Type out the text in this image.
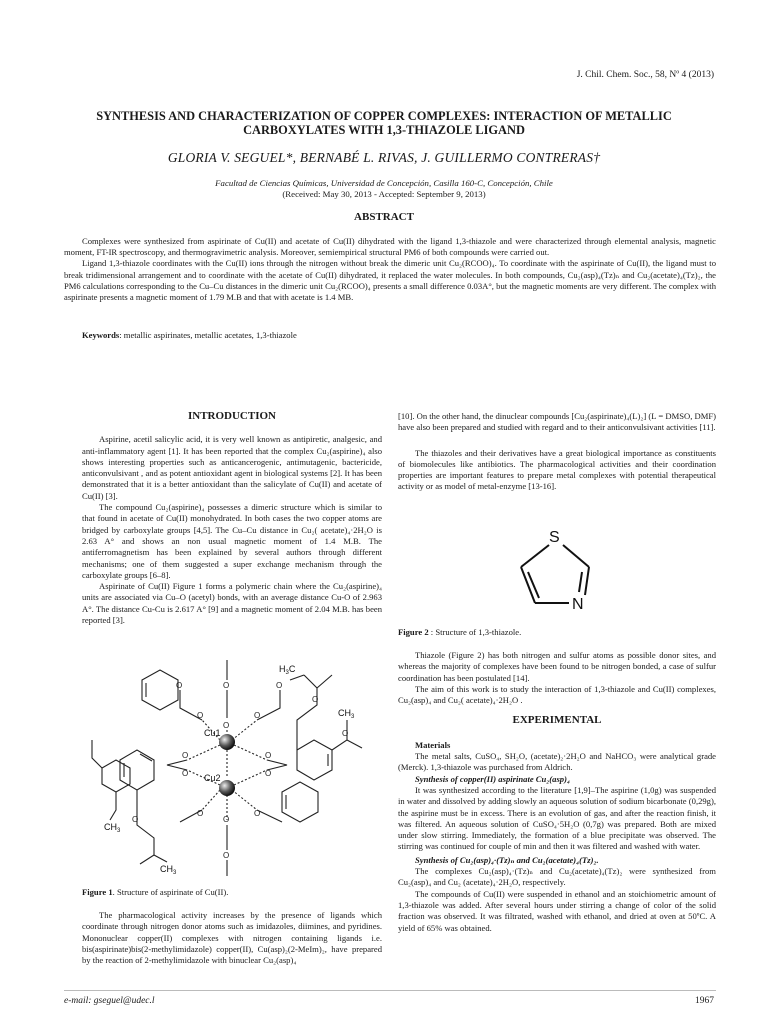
J. Chil. Chem. Soc., 58, Nº 4 (2013)
SYNTHESIS AND CHARACTERIZATION OF COPPER COMPLEXES: INTERACTION OF METALLIC
CARBOXYLATES WITH 1,3-THIAZOLE LIGAND
GLORIA V. SEGUEL*, BERNABÉ L. RIVAS, J. GUILLERMO CONTRERAS†
Facultad de Ciencias Químicas, Universidad de Concepción, Casilla 160-C, Concepción, Chile
(Received: May 30, 2013 - Accepted: September 9, 2013)
ABSTRACT

Complexes were synthesized from aspirinate of Cu(II) and acetate of Cu(II) dihydrated with the ligand 1,3-thiazole and were characterized through elemental analysis, magnetic moment, FT-IR spectroscopy, and thermogravimetric analysis. Moreover, semiempirical structural PM6 of both compounds were carried out.

Ligand 1,3-thiazole coordinates with the Cu(II) ions through the nitrogen without break the dimeric unit Cu₂(RCOO)₄. To coordinate with the aspirinate of Cu(II), the ligand must to break tridimensional arrangement and to coordinate with the acetate of Cu(II) dihydrated, it replaced the water molecules. In both compounds, Cu₂(asp)₄(Tz)ₙ and Cu₂(acetate)₄(Tz)₂, the PM6 calculations corresponding to the Cu–Cu distances in the dimeric unit Cu₂(RCOO)₄ presents a small difference 0.03A°, but the magnetic moments are very different. The complex with aspirinate presents a magnetic moment of 1.79 M.B and that with acetate is 1.4 MB.

Keywords: metallic aspirinates, metallic acetates, 1,3-thiazole
INTRODUCTION

Aspirine, acetil salicylic acid, it is very well known as antipiretic, analgesic, and anti-inflammatory agent [1]. It has been reported that the complex Cu₂(aspirine)₄ also shows interesting properties such as anticancerogenic, antimutagenic, bactericide, anticonvulsivant , and as potent antioxidant agent in biological systems [2]. It has been demonstrated that it is a better antioxidant than the salicylate of Cu(II) and acetate of Cu(II) [3].

The compound Cu₂(aspirine)₄ possesses a dimeric structure which is similar to that found in acetate of Cu(II) monohydrated. In both cases the two copper atoms are bridged by carboxylate groups [4,5]. The Cu–Cu distance in Cu₂( acetate)₄·2H₂O is 2.63 A° and shows an non usual magnetic moment of 1.4 M.B. The antiferromagnetism has been explained by several authors through different mechanisms; one of them suggested a super exchange mechanism through the carboxylate groups [6–8].

Aspirinate of Cu(II) Figure 1 forms a polymeric chain where the Cu₂(aspirine)₄ units are associated via Cu–O (acetyl) bonds, with an average distance Cu-O of 2.963 A°. The distance Cu-Cu is 2.617 A° [9] and a magnetic moment of 2.04 M.B. has been reported [3].

Cu1
Cu2
$H_3C$
$CH_3$
$CH_3$
$CH_3$
O
O
O
O
O	O
O	O
O	O
O	O
O	O
O
O
O
Figure 1. Structure of aspirinate of Cu(II).

The pharmacological activity increases by the presence of ligands which coordinate through nitrogen donor atoms such as imidazoles, diimines, and pyridines. Mononuclear copper(II) complexes with nitrogen containing ligands i.e. bis(aspirinate)bis(2-methylimidazole) copper(II), Cu(asp)₂(2-MeIm)₂, have prepared by the reaction of 2-methylimidazole with binuclear Cu₂(asp)₄

[10]. On the other hand, the dinuclear compounds [Cu₂(aspirinate)₄(L)₂] (L = DMSO, DMF) have also been prepared and studied with regard and to their anticonvulsivant activities [11].

The thiazoles and their derivatives have a great biological importance as constituents of biomolecules like antibiotics. The pharmacological activities and their coordination properties are important features to prepare metal complexes with potential therapeutical activity or as model of metal-enzyme [13-16].

S
N
Figure 2 : Structure of 1,3-thiazole.

Thiazole (Figure 2) has both nitrogen and sulfur atoms as possible donor sites, and whereas the majority of complexes have been found to be nitrogen bonded, a case of sulfur coordination has been postulated [14].

The aim of this work is to study the interaction of 1,3-thiazole and Cu(II) complexes, Cu₂(asp)₄ and Cu₂( acetate)₄·2H₂O .

EXPERIMENTAL
Materials

The metal salts, CuSO₄, SH₂O, (acetate)₂·2H₂O and NaHCO₃ were analytical grade (Merck). 1,3-thiazole was purchased from Aldrich.

Synthesis of copper(II) aspirinate Cu₂(asp)₄

It was synthesized according to the literature [1,9]–The aspirine (1,0g) was suspended in water and dissolved by adding slowly an aqueous solution of sodium bicarbonate (0,29g), the aspirine must be in excess. There is an evolution of gas, and after the reaction finish, it was filtered. An aqueous solution of CuSO₄·5H₂O (0,7g) was prepared. Both are mixed under slow stirring. Immediately, the formation of a blue precipitate was observed. The stirring was continued for couple of min and then it was filtered and washed with water.

Synthesis of Cu₂(asp)₄·(Tz)ₙ and Cu₂(acetate)₄(Tz)₂.

The complexes Cu₂(asp)₄·(Tz)ₙ and Cu₂(acetate)₄(Tz)₂ were synthesized from Cu₂(asp)₄ and Cu₂ (acetate)₄·2H₂O, respectively.

The compounds of Cu(II) were suspended in ethanol and an stoichiometric amount of 1,3-thiazole was added. After several hours under stirring a change of color of the solid fraction was observed. It was filtrated, washed with ethanol, and dried at oven at 50ºC. A yield of 65% was obtained.

e-mail: gseguel@udec.l	1967
